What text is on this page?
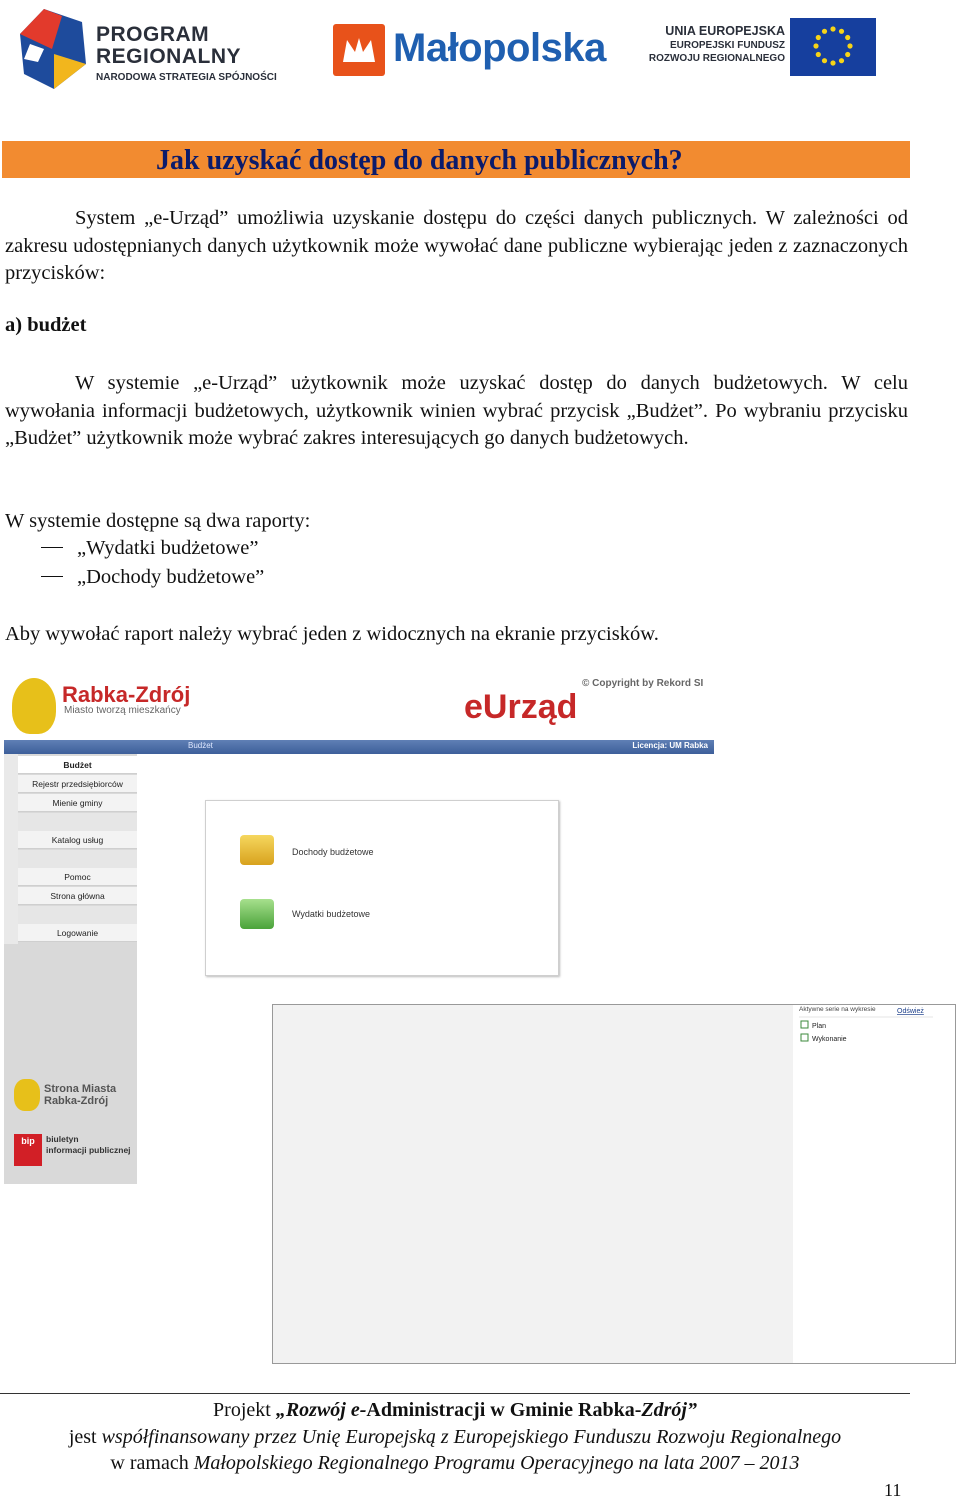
PROGRAM
REGIONALNY
NARODOWA STRATEGIA SPÓJNOŚCI
Małopolska	UNIA EUROPEJSKA
EUROPEJSKI FUNDUSZ
ROZWOJU REGIONALNEGO
Jak uzyskać dostęp do danych publicznych?
System „e-Urząd” umożliwia uzyskanie dostępu do części danych publicznych. W zależności od zakresu udostępnianych danych użytkownik może wywołać dane publiczne wybierając jeden z zaznaczonych przycisków:
a) budżet
W systemie „e-Urząd” użytkownik może uzyskać dostęp do danych budżetowych. W celu wywołania informacji budżetowych, użytkownik winien wybrać przycisk „Budżet”. Po wybraniu przycisku „Budżet” użytkownik może wybrać zakres interesujących go danych budżetowych.
W systemie dostępne są dwa raporty:
„Wydatki budżetowe”
„Dochody budżetowe”
Aby wywołać raport należy wybrać jeden z widocznych na ekranie przycisków.
Rabka-Zdrój
Miasto tworzą mieszkańcy	eUrząd
© Copyright by Rekord SI
Budżet	Licencja: UM Rabka
Budżet
Rejestr przedsiębiorców
Mienie gminy
Katalog usług
Pomoc
Strona główna
Logowanie
Strona Miasta Rabka-Zdrój
bip	biuletyn
informacji publicznej
Dochody budżetowe
Wydatki budżetowe
Aktywne serie na wykresie	Odśwież
Plan
Wykonanie
Projekt „Rozwój e-Administracji w Gminie Rabka-Zdrój”
jest współfinansowany przez Unię Europejską z Europejskiego Funduszu Rozwoju Regionalnego
w ramach Małopolskiego Regionalnego Programu Operacyjnego na lata 2007 – 2013
11
